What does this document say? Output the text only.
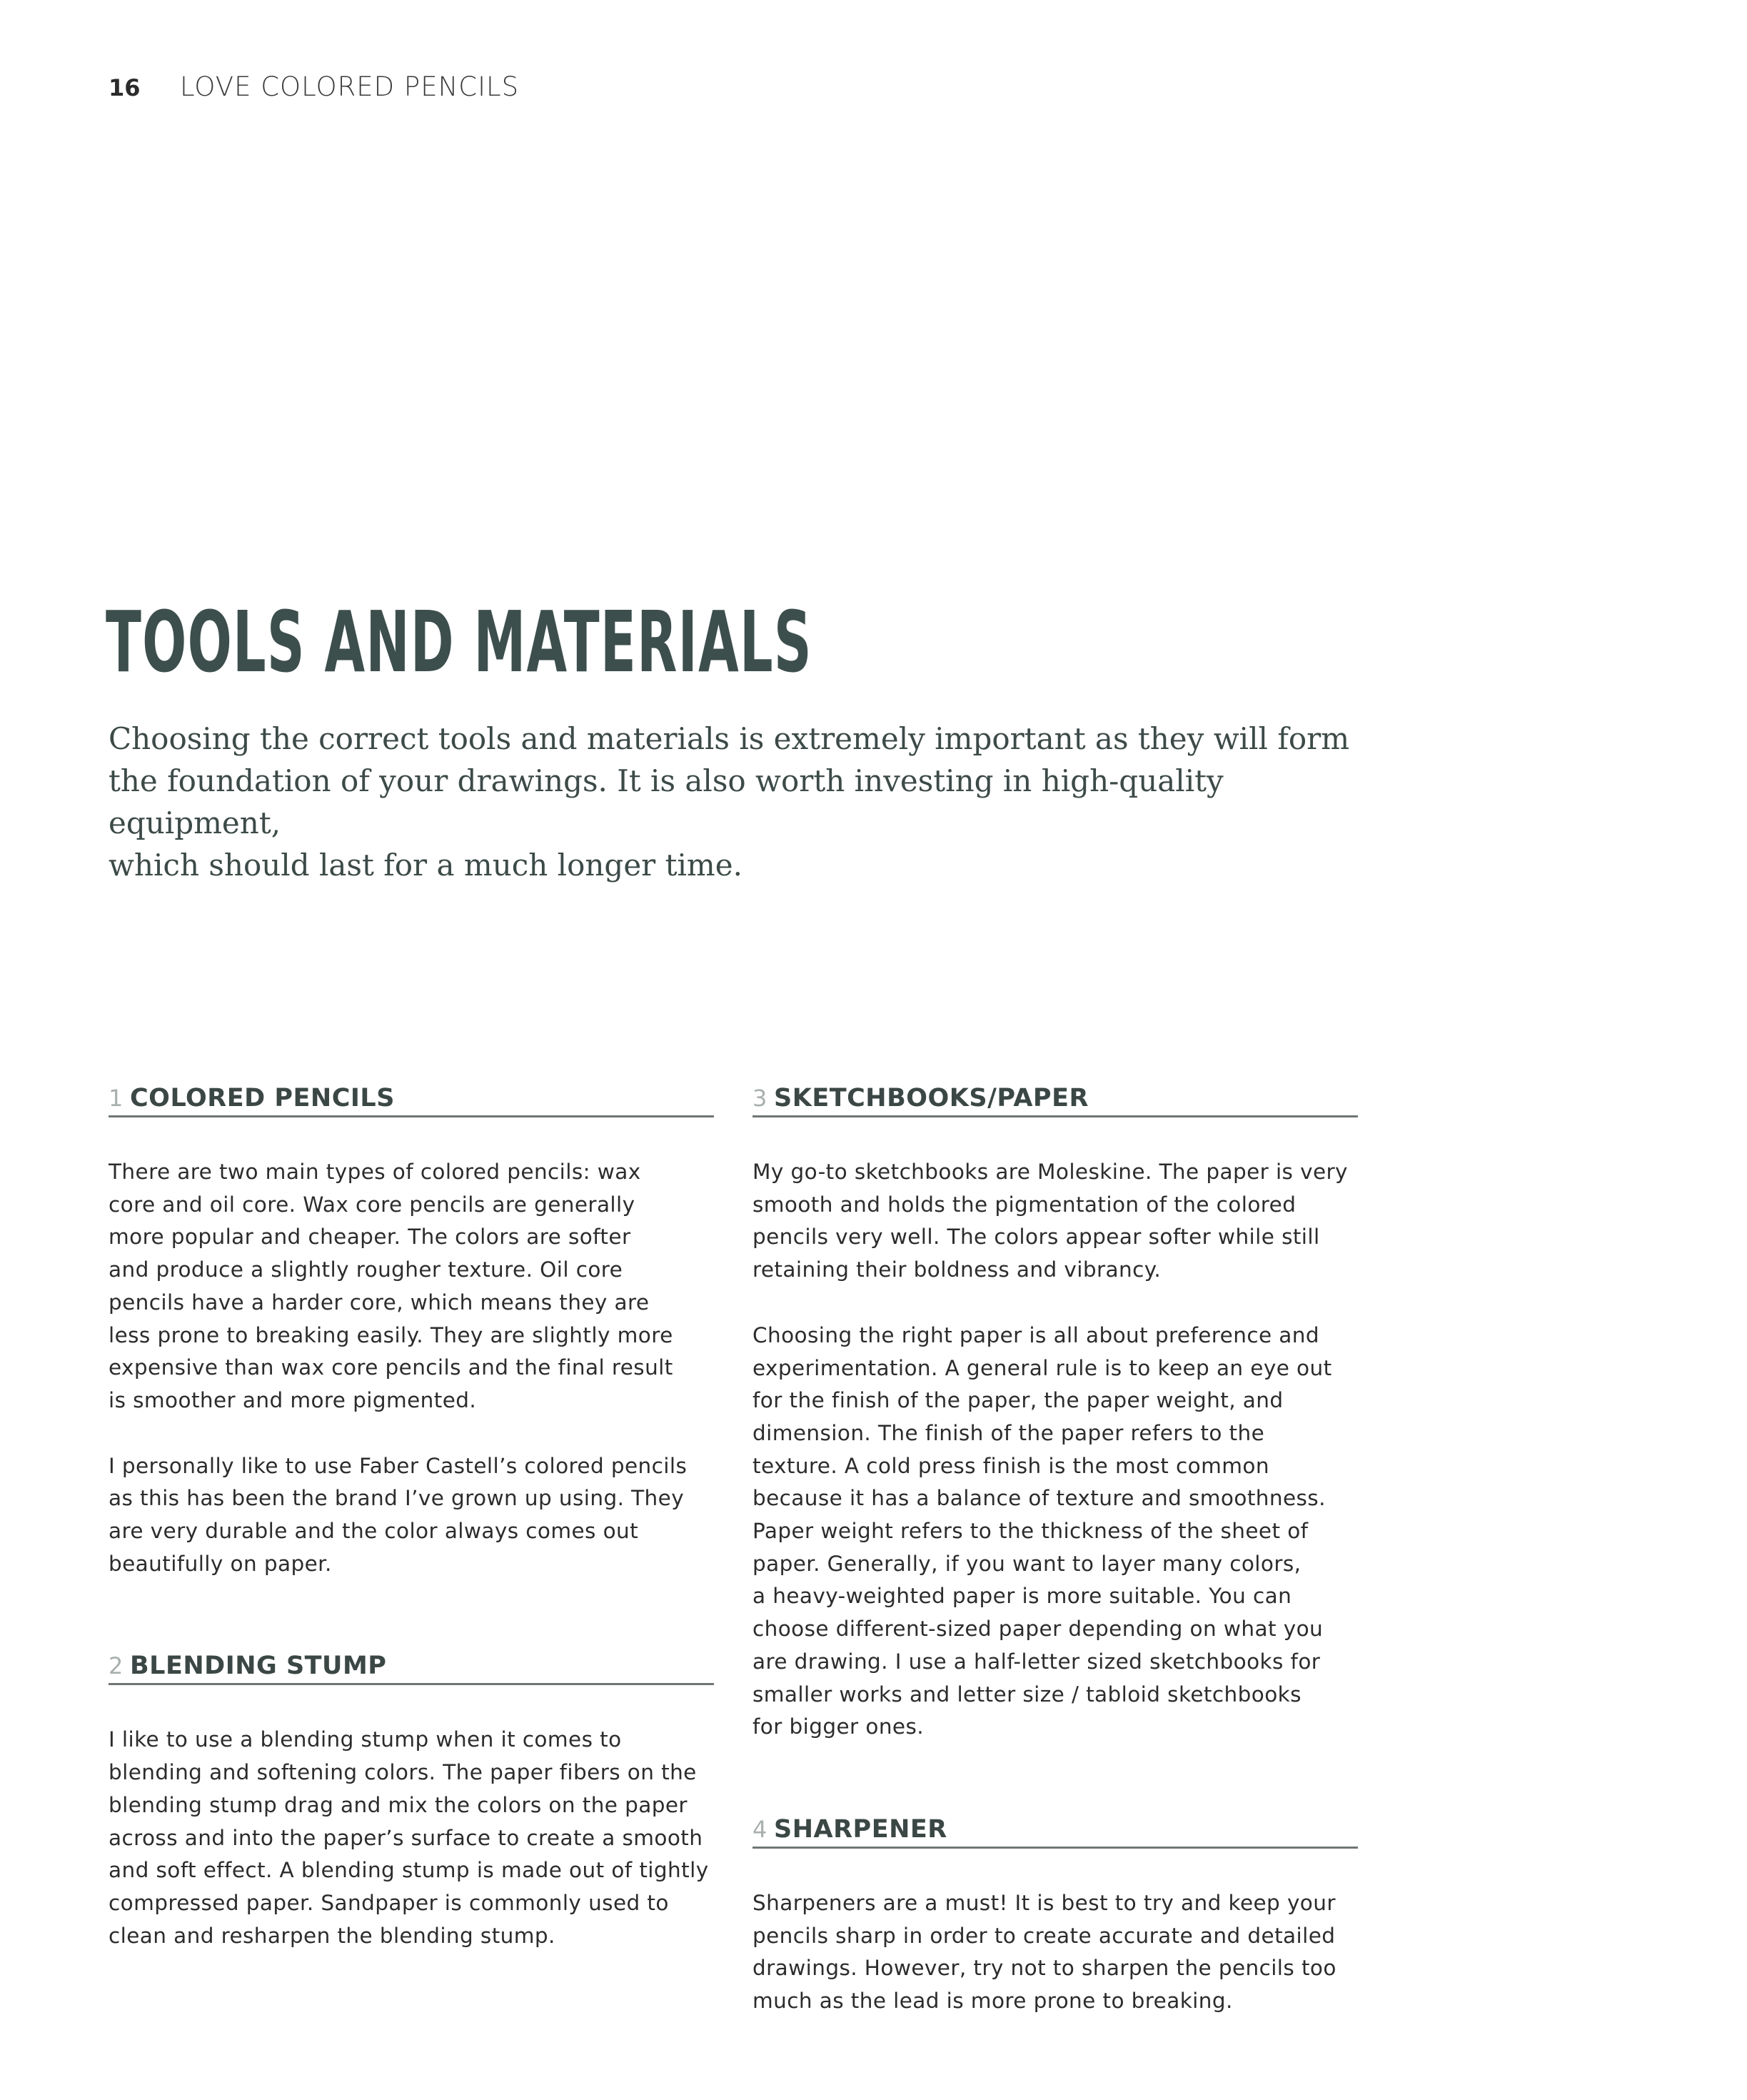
16	LOVE COLORED PENCILS
TOOLS AND MATERIALS

Choosing the correct tools and materials is extremely important as they will form
the foundation of your drawings. It is also worth investing in high-quality equipment,
which should last for a much longer time.

1 COLORED PENCILS

There are two main types of colored pencils: wax
core and oil core. Wax core pencils are generally
more popular and cheaper. The colors are softer
and produce a slightly rougher texture. Oil core
pencils have a harder core, which means they are
less prone to breaking easily. They are slightly more
expensive than wax core pencils and the final result
is smoother and more pigmented.

I personally like to use Faber Castell’s colored pencils
as this has been the brand I’ve grown up using. They
are very durable and the color always comes out
beautifully on paper.

2 BLENDING STUMP

I like to use a blending stump when it comes to
blending and softening colors. The paper fibers on the
blending stump drag and mix the colors on the paper
across and into the paper’s surface to create a smooth
and soft effect. A blending stump is made out of tightly
compressed paper. Sandpaper is commonly used to
clean and resharpen the blending stump.

3 SKETCHBOOKS/PAPER

My go-to sketchbooks are Moleskine. The paper is very
smooth and holds the pigmentation of the colored
pencils very well. The colors appear softer while still
retaining their boldness and vibrancy.

Choosing the right paper is all about preference and
experimentation. A general rule is to keep an eye out
for the finish of the paper, the paper weight, and
dimension. The finish of the paper refers to the
texture. A cold press finish is the most common
because it has a balance of texture and smoothness.
Paper weight refers to the thickness of the sheet of
paper. Generally, if you want to layer many colors,
a heavy-weighted paper is more suitable. You can
choose different-sized paper depending on what you
are drawing. I use a half-letter sized sketchbooks for
smaller works and letter size / tabloid sketchbooks
for bigger ones.

4 SHARPENER

Sharpeners are a must! It is best to try and keep your
pencils sharp in order to create accurate and detailed
drawings. However, try not to sharpen the pencils too
much as the lead is more prone to breaking.
